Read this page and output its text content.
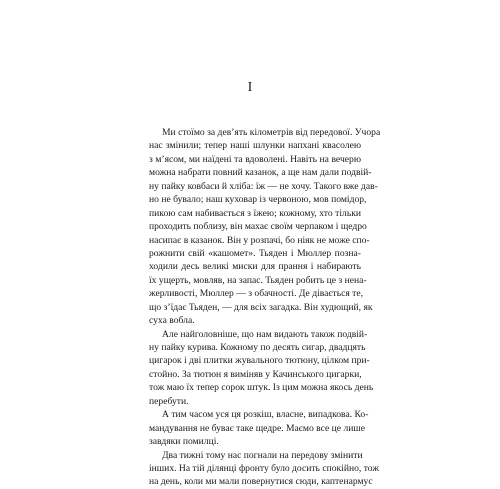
I
Ми стоїмо за дев’ять кілометрів від передової. Учора
нас змінили; тепер наші шлунки напхані квасолею
з м’ясом, ми наїдені та вдоволені. Навіть на вечерю
можна набрати повний казанок, а ще нам дали подвій-
ну пайку ковбаси й хліба: їж — не хочу. Такого вже дав-
но не бувало; наш куховар із червоною, мов помідор,
пикою сам набивається з їжею; кожному, хто тільки
проходить поблизу, він махає своїм черпаком і щедро
насипає в казанок. Він у розпачі, бо ніяк не може спо-
рожнити свій «кашомет». Тьяден і Мюллер позна-
ходили десь великі миски для прання і набирають
їх ущерть, мовляв, на запас. Тьяден робить це з нена-
жерливості, Мюллер — з обачності. Де дівається те,
що з’їдає Тьяден, — для всіх загадка. Він худющий, як
суха вобла.
Але найголовніше, що нам видають також подвій-
ну пайку курива. Кожному по десять сигар, двадцять
цигарок і дві плитки жувального тютюну, цілком при-
стойно. За тютюн я виміняв у Качинського цигарки,
тож маю їх тепер сорок штук. Із цим можна якось день
перебути.
А тим часом уся ця розкіш, власне, випадкова. Ко-
мандування не буває таке щедре. Маємо все це лише
завдяки помилці.
Два тижні тому нас погнали на передову змінити
інших. На тій ділянці фронту було досить спокійно, тож
на день, коли ми мали повернутися сюди, каптенармус
